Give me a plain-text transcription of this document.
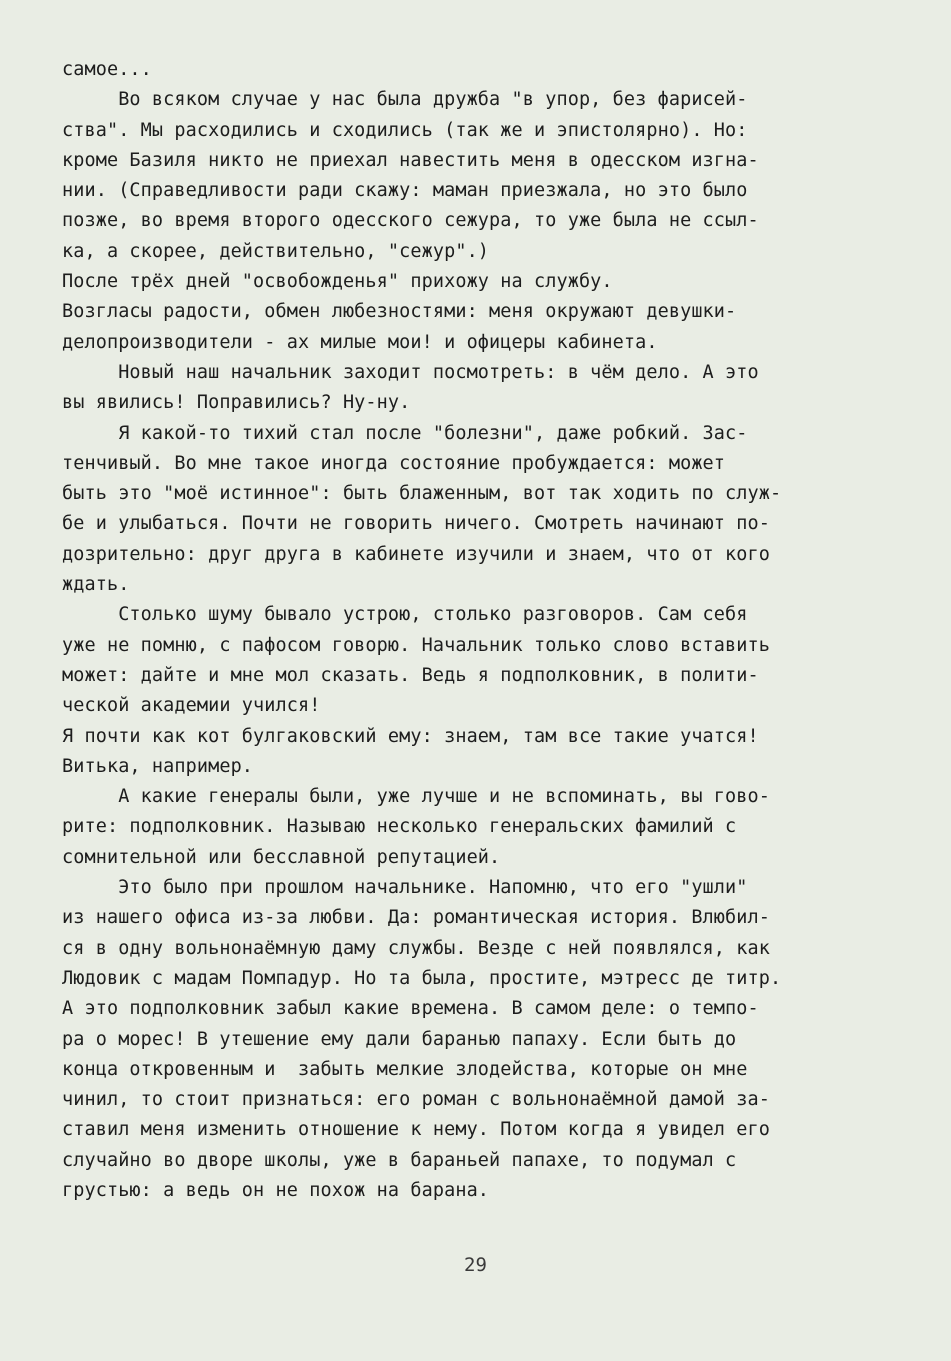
самое...
Во всяком случае у нас была дружба "в упор, без фарисей-
ства". Мы расходились и сходились (так же и эпистолярно). Но:
кроме Базиля никто не приехал навестить меня в одесском изгна-
нии. (Справедливости ради скажу: маман приезжала, но это было
позже, во время второго одесского сежура, то уже была не ссыл-
ка, а скорее, действительно, "сежур".)
После трёх дней "освобожденья" прихожу на службу.
Возгласы радости, обмен любезностями: меня окружают девушки-
делопроизводители - ах милые мои! и офицеры кабинета.
Новый наш начальник заходит посмотреть: в чём дело. А это
вы явились! Поправились? Ну-ну.
Я какой-то тихий стал после "болезни", даже робкий. Зас-
тенчивый. Во мне такое иногда состояние пробуждается: может
быть это "моё истинное": быть блаженным, вот так ходить по служ-
бе и улыбаться. Почти не говорить ничего. Смотреть начинают по-
дозрительно: друг друга в кабинете изучили и знаем, что от кого
ждать.
Столько шуму бывало устрою, столько разговоров. Сам себя
уже не помню, с пафосом говорю. Начальник только слово вставить
может: дайте и мне мол сказать. Ведь я подполковник, в полити-
ческой академии учился!
Я почти как кот булгаковский ему: знаем, там все такие учатся!
Витька, например.
А какие генералы были, уже лучше и не вспоминать, вы гово-
рите: подполковник. Называю несколько генеральских фамилий с
сомнительной или бесславной репутацией.
Это было при прошлом начальнике. Напомню, что его "ушли"
из нашего офиса из-за любви. Да: романтическая история. Влюбил-
ся в одну вольнонаёмную даму службы. Везде с ней появлялся, как
Людовик с мадам Помпадур. Но та была, простите, мэтресс де титр.
А это подполковник забыл какие времена. В самом деле: о темпо-
ра о морес! В утешение ему дали баранью папаху. Если быть до
конца откровенным и  забыть мелкие злодейства, которые он мне
чинил, то стоит признаться: его роман с вольнонаёмной дамой за-
ставил меня изменить отношение к нему. Потом когда я увидел его
случайно во дворе школы, уже в бараньей папахе, то подумал с
грустью: а ведь он не похож на барана.
29
